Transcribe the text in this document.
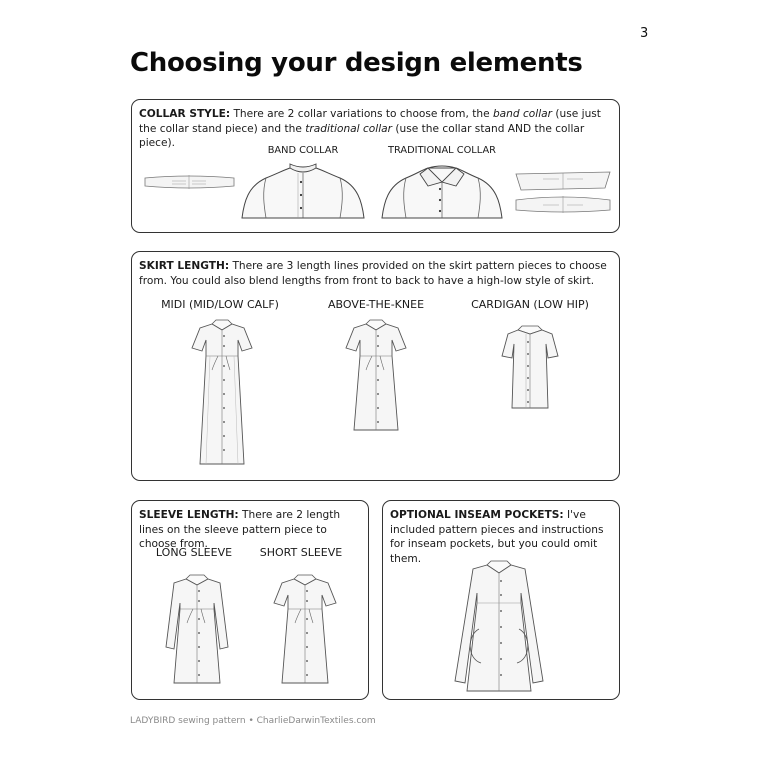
3
Choosing your design elements

COLLAR STYLE: There are 2 collar variations to choose from, the band collar (use just the collar stand piece) and the traditional collar (use the collar stand AND the collar piece).

BAND COLLAR	TRADITIONAL COLLAR

SKIRT LENGTH: There are 3 length lines provided on the skirt pattern pieces to choose from. You could also blend lengths from front to back to have a high-low style of skirt.

MIDI (MID/LOW CALF)	ABOVE-THE-KNEE	CARDIGAN (LOW HIP)

SLEEVE LENGTH: There are 2 length lines on the sleeve pattern piece to choose from.

LONG SLEEVE	SHORT SLEEVE

OPTIONAL INSEAM POCKETS: I've included pattern pieces and instructions for inseam pockets, but you could omit them.

LADYBIRD sewing pattern • CharlieDarwinTextiles.com
